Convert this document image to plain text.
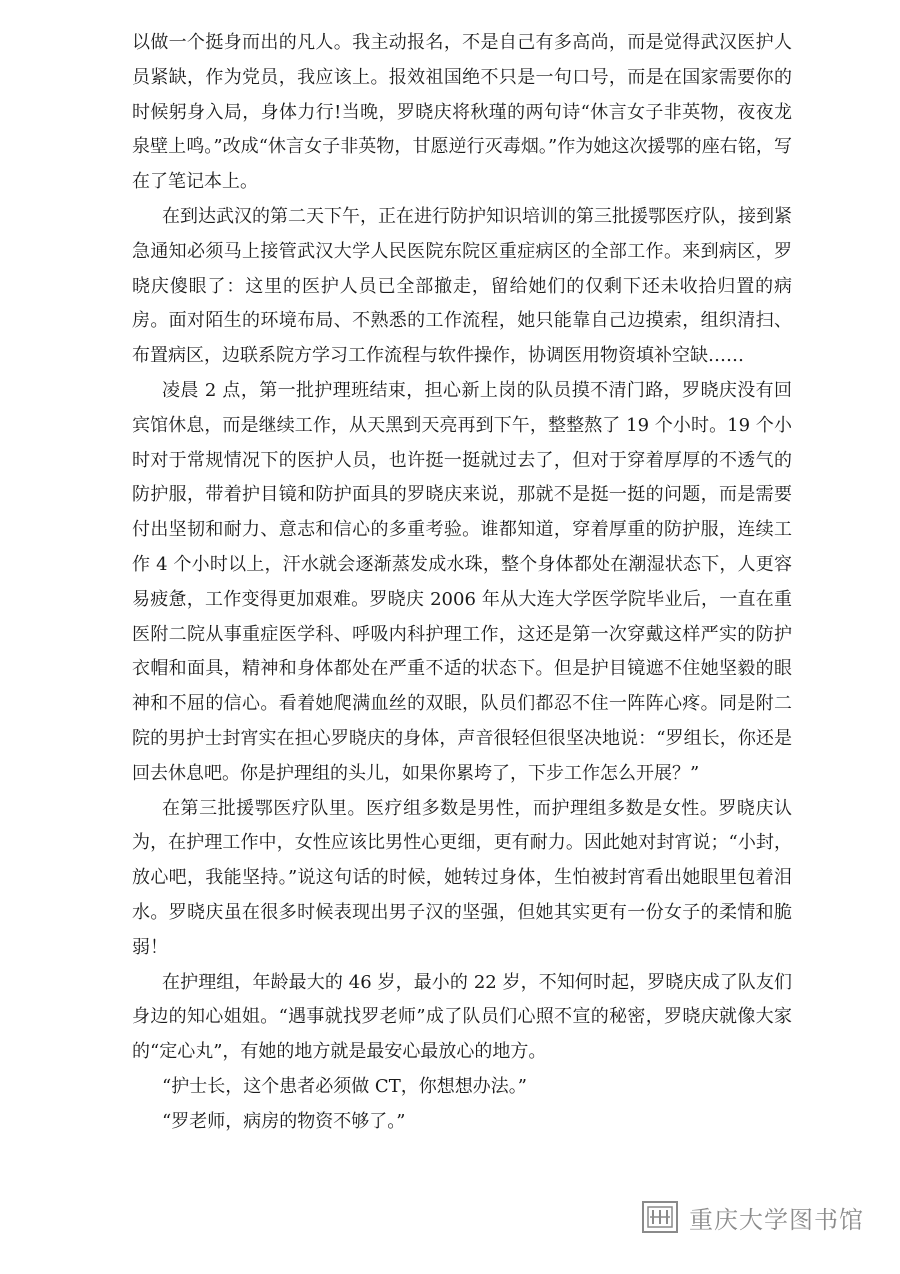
以做一个挺身而出的凡人。我主动报名，不是自己有多高尚，而是觉得武汉医护人员紧缺，作为党员，我应该上。报效祖国绝不只是一句口号，而是在国家需要你的时候躬身入局，身体力行!当晚，罗晓庆将秋瑾的两句诗“休言女子非英物，夜夜龙泉壁上鸣。”改成“休言女子非英物，甘愿逆行灭毒烟。”作为她这次援鄂的座右铭，写在了笔记本上。

在到达武汉的第二天下午，正在进行防护知识培训的第三批援鄂医疗队，接到紧急通知必须马上接管武汉大学人民医院东院区重症病区的全部工作。来到病区，罗晓庆傻眼了：这里的医护人员已全部撤走，留给她们的仅剩下还未收拾归置的病房。面对陌生的环境布局、不熟悉的工作流程，她只能靠自己边摸索，组织清扫、布置病区，边联系院方学习工作流程与软件操作，协调医用物资填补空缺……

凌晨 2 点，第一批护理班结束，担心新上岗的队员摸不清门路，罗晓庆没有回宾馆休息，而是继续工作，从天黑到天亮再到下午，整整熬了 19 个小时。19 个小时对于常规情况下的医护人员，也许挺一挺就过去了，但对于穿着厚厚的不透气的防护服，带着护目镜和防护面具的罗晓庆来说，那就不是挺一挺的问题，而是需要付出坚韧和耐力、意志和信心的多重考验。谁都知道，穿着厚重的防护服，连续工作 4 个小时以上，汗水就会逐渐蒸发成水珠，整个身体都处在潮湿状态下，人更容易疲惫，工作变得更加艰难。罗晓庆 2006 年从大连大学医学院毕业后，一直在重医附二院从事重症医学科、呼吸内科护理工作，这还是第一次穿戴这样严实的防护衣帽和面具，精神和身体都处在严重不适的状态下。但是护目镜遮不住她坚毅的眼神和不屈的信心。看着她爬满血丝的双眼，队员们都忍不住一阵阵心疼。同是附二院的男护士封宵实在担心罗晓庆的身体，声音很轻但很坚决地说：“罗组长，你还是回去休息吧。你是护理组的头儿，如果你累垮了，下步工作怎么开展？”

在第三批援鄂医疗队里。医疗组多数是男性，而护理组多数是女性。罗晓庆认为，在护理工作中，女性应该比男性心更细，更有耐力。因此她对封宵说；“小封，放心吧，我能坚持。”说这句话的时候，她转过身体，生怕被封宵看出她眼里包着泪水。罗晓庆虽在很多时候表现出男子汉的坚强，但她其实更有一份女子的柔情和脆弱！

在护理组，年龄最大的 46 岁，最小的 22 岁，不知何时起，罗晓庆成了队友们身边的知心姐姐。“遇事就找罗老师”成了队员们心照不宣的秘密，罗晓庆就像大家的“定心丸”，有她的地方就是最安心最放心的地方。

“护士长，这个患者必须做 CT，你想想办法。”

“罗老师，病房的物资不够了。”

重庆大学图书馆
